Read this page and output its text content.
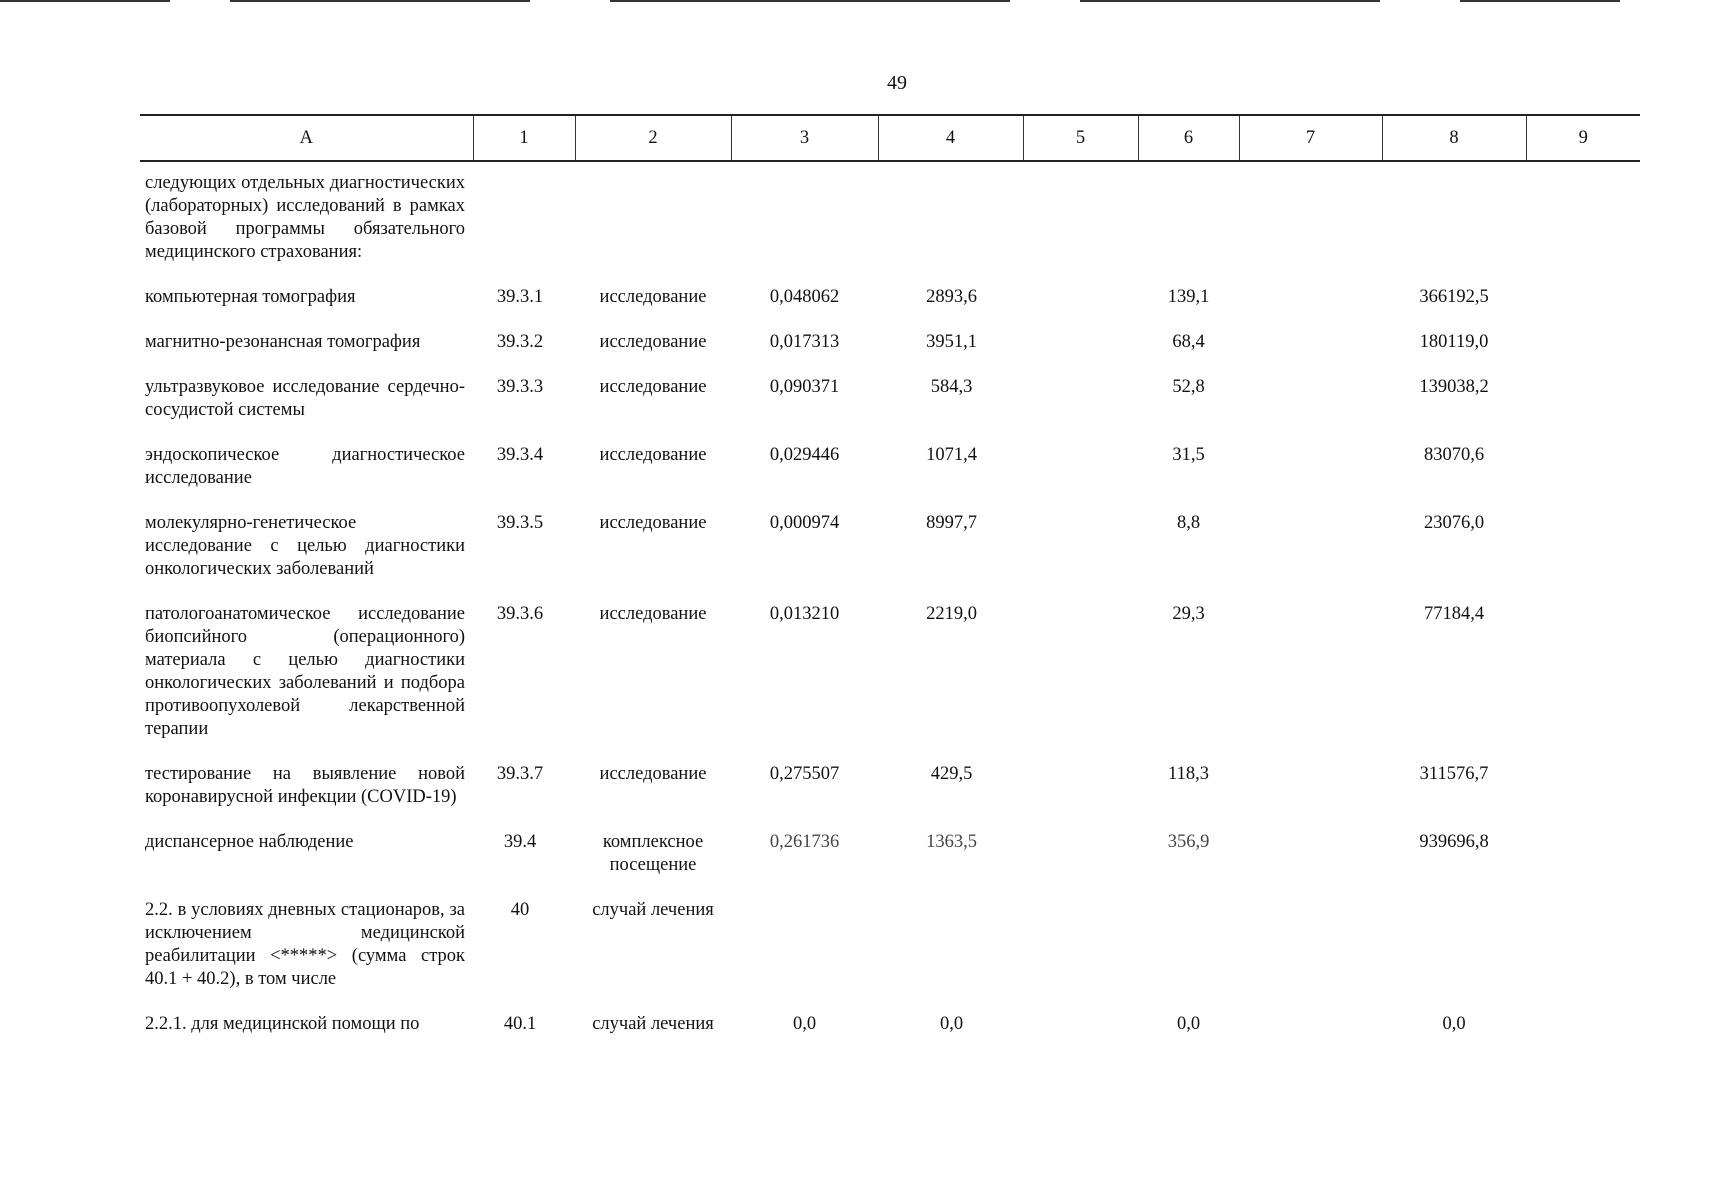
49
А	1	2	3	4	5	6	7	8	9
следующих отдельных диагностических (лабораторных) исследований в рамках базовой программы обязательного медицинского страхования:									
компьютерная томография	39.3.1	исследование	0,048062	2893,6		139,1		366192,5	
магнитно-резонансная томография	39.3.2	исследование	0,017313	3951,1		68,4		180119,0	
ультразвуковое исследование сердечно-сосудистой системы	39.3.3	исследование	0,090371	584,3		52,8		139038,2	
эндоскопическое диагностическое исследование	39.3.4	исследование	0,029446	1071,4		31,5		83070,6	
молекулярно-генетическое исследование с целью диагностики онкологических заболеваний	39.3.5	исследование	0,000974	8997,7		8,8		23076,0	
патологоанатомическое исследование биопсийного (операционного) материала с целью диагностики онкологических заболеваний и подбора противоопухолевой лекарственной терапии	39.3.6	исследование	0,013210	2219,0		29,3		77184,4	
тестирование на выявление новой коронавирусной инфекции (COVID-19)	39.3.7	исследование	0,275507	429,5		118,3		311576,7	
диспансерное наблюдение	39.4	комплексное посещение	0,261736	1363,5		356,9		939696,8	
2.2. в условиях дневных стационаров, за исключением медицинской реабилитации <*****> (сумма строк 40.1 + 40.2), в том числе	40	случай лечения							
2.2.1. для медицинской помощи по	40.1	случай лечения	0,0	0,0		0,0		0,0	
